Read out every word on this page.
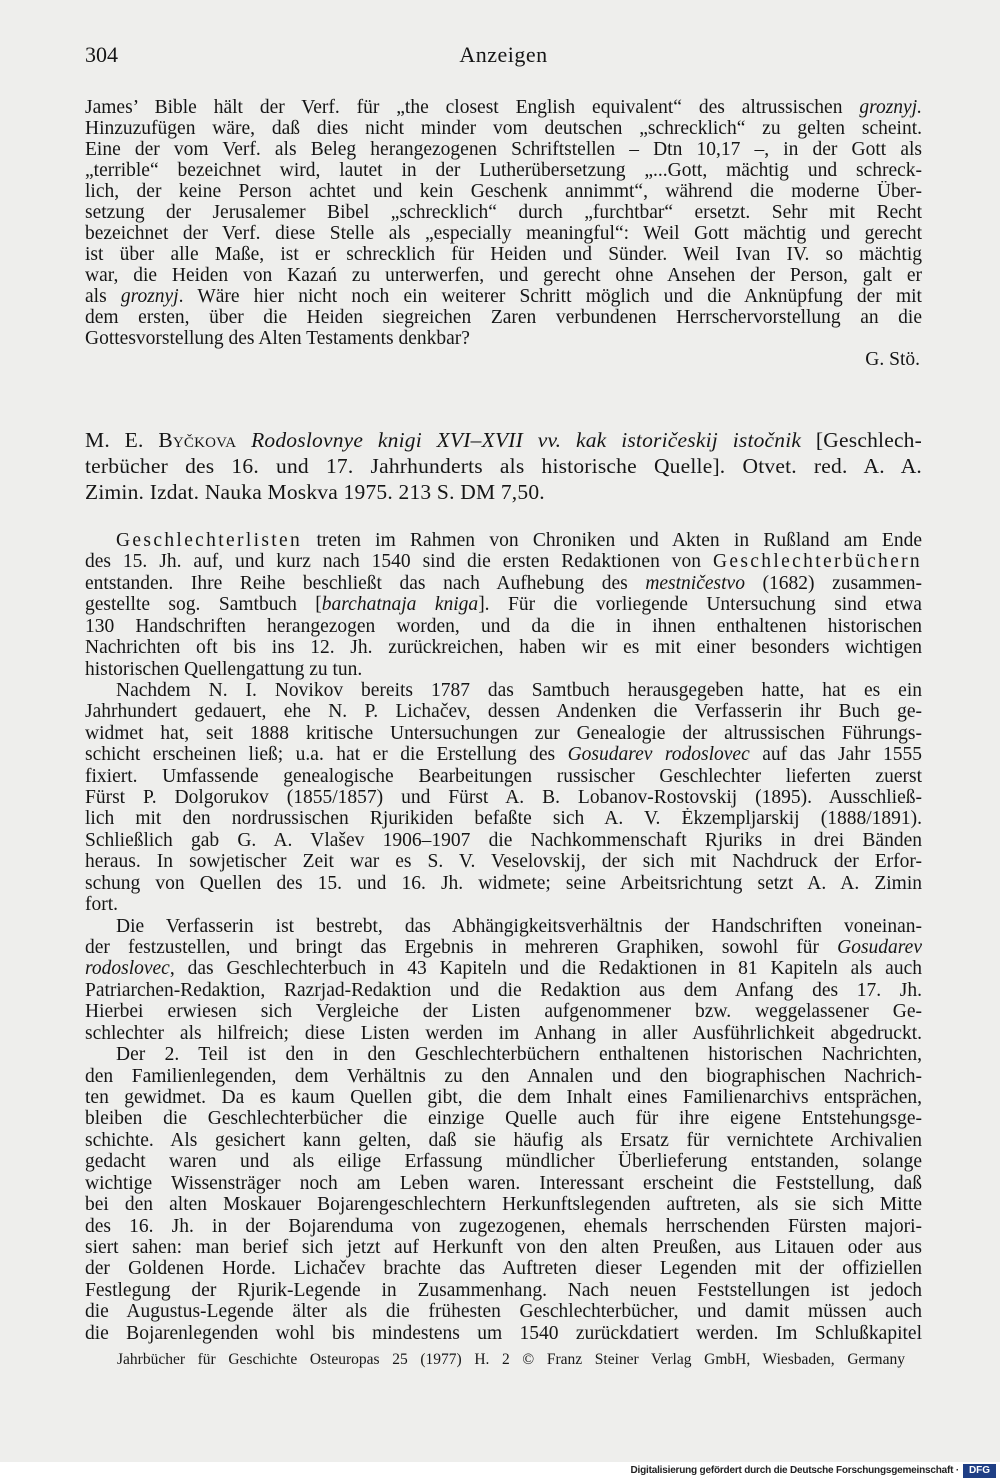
304	Anzeigen
James’ Bible hält der Verf. für „the closest English equivalent“ des altrussischen groznyj.
Hinzuzufügen wäre, daß dies nicht minder vom deutschen „schrecklich“ zu gelten scheint.
Eine der vom Verf. als Beleg herangezogenen Schriftstellen – Dtn 10,17 –, in der Gott als
„terrible“ bezeichnet wird, lautet in der Lutherübersetzung „...Gott, mächtig und schreck-
lich, der keine Person achtet und kein Geschenk annimmt“, während die moderne Über-
setzung der Jerusalemer Bibel „schrecklich“ durch „furchtbar“ ersetzt. Sehr mit Recht
bezeichnet der Verf. diese Stelle als „especially meaningful“: Weil Gott mächtig und gerecht
ist über alle Maße, ist er schrecklich für Heiden und Sünder. Weil Ivan IV. so mächtig
war, die Heiden von Kazań zu unterwerfen, und gerecht ohne Ansehen der Person, galt er
als groznyj. Wäre hier nicht noch ein weiterer Schritt möglich und die Anknüpfung der mit
dem ersten, über die Heiden siegreichen Zaren verbundenen Herrschervorstellung an die
Gottesvorstellung des Alten Testaments denkbar?
G. Stö.
M. E. Byčkova Rodoslovnye knigi XVI–XVII vv. kak istoričeskij istočnik [Geschlech-
terbücher des 16. und 17. Jahrhunderts als historische Quelle]. Otvet. red. A. A.
Zimin. Izdat. Nauka Moskva 1975. 213 S. DM 7,50.
Geschlechterlisten treten im Rahmen von Chroniken und Akten in Rußland am Ende
des 15. Jh. auf, und kurz nach 1540 sind die ersten Redaktionen von Geschlechterbüchern
entstanden. Ihre Reihe beschließt das nach Aufhebung des mestničestvo (1682) zusammen-
gestellte sog. Samtbuch [barchatnaja kniga]. Für die vorliegende Untersuchung sind etwa
130 Handschriften herangezogen worden, und da die in ihnen enthaltenen historischen
Nachrichten oft bis ins 12. Jh. zurückreichen, haben wir es mit einer besonders wichtigen
historischen Quellengattung zu tun.
Nachdem N. I. Novikov bereits 1787 das Samtbuch herausgegeben hatte, hat es ein
Jahrhundert gedauert, ehe N. P. Lichačev, dessen Andenken die Verfasserin ihr Buch ge-
widmet hat, seit 1888 kritische Untersuchungen zur Genealogie der altrussischen Führungs-
schicht erscheinen ließ; u.a. hat er die Erstellung des Gosudarev rodoslovec auf das Jahr 1555
fixiert. Umfassende genealogische Bearbeitungen russischer Geschlechter lieferten zuerst
Fürst P. Dolgorukov (1855/1857) und Fürst A. B. Lobanov-Rostovskij (1895). Ausschließ-
lich mit den nordrussischen Rjurikiden befaßte sich A. V. Ėkzempljarskij (1888/1891).
Schließlich gab G. A. Vlašev 1906–1907 die Nachkommenschaft Rjuriks in drei Bänden
heraus. In sowjetischer Zeit war es S. V. Veselovskij, der sich mit Nachdruck der Erfor-
schung von Quellen des 15. und 16. Jh. widmete; seine Arbeitsrichtung setzt A. A. Zimin
fort.
Die Verfasserin ist bestrebt, das Abhängigkeitsverhältnis der Handschriften voneinan-
der festzustellen, und bringt das Ergebnis in mehreren Graphiken, sowohl für Gosudarev
rodoslovec, das Geschlechterbuch in 43 Kapiteln und die Redaktionen in 81 Kapiteln als auch
Patriarchen-Redaktion, Razrjad-Redaktion und die Redaktion aus dem Anfang des 17. Jh.
Hierbei erwiesen sich Vergleiche der Listen aufgenommener bzw. weggelassener Ge-
schlechter als hilfreich; diese Listen werden im Anhang in aller Ausführlichkeit abgedruckt.
Der 2. Teil ist den in den Geschlechterbüchern enthaltenen historischen Nachrichten,
den Familienlegenden, dem Verhältnis zu den Annalen und den biographischen Nachrich-
ten gewidmet. Da es kaum Quellen gibt, die dem Inhalt eines Familienarchivs entsprächen,
bleiben die Geschlechterbücher die einzige Quelle auch für ihre eigene Entstehungsge-
schichte. Als gesichert kann gelten, daß sie häufig als Ersatz für vernichtete Archivalien
gedacht waren und als eilige Erfassung mündlicher Überlieferung entstanden, solange
wichtige Wissensträger noch am Leben waren. Interessant erscheint die Feststellung, daß
bei den alten Moskauer Bojarengeschlechtern Herkunftslegenden auftreten, als sie sich Mitte
des 16. Jh. in der Bojarenduma von zugezogenen, ehemals herrschenden Fürsten majori-
siert sahen: man berief sich jetzt auf Herkunft von den alten Preußen, aus Litauen oder aus
der Goldenen Horde. Lichačev brachte das Auftreten dieser Legenden mit der offiziellen
Festlegung der Rjurik-Legende in Zusammenhang. Nach neuen Feststellungen ist jedoch
die Augustus-Legende älter als die frühesten Geschlechterbücher, und damit müssen auch
die Bojarenlegenden wohl bis mindestens um 1540 zurückdatiert werden. Im Schlußkapitel
Jahrbücher für Geschichte Osteuropas 25 (1977) H. 2 © Franz Steiner Verlag GmbH, Wiesbaden, Germany
Digitalisierung gefördert durch die Deutsche Forschungsgemeinschaft · DFG
